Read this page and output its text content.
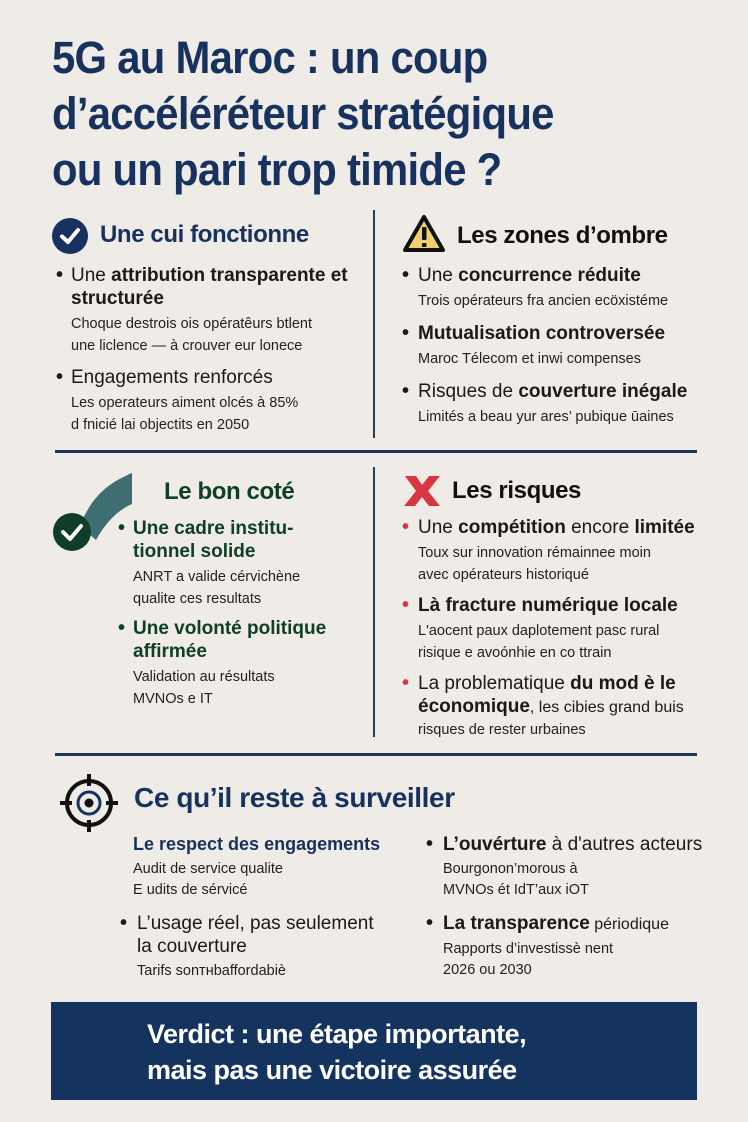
5G au Maroc : un coup
d’accéléréteur stratégique
ou un pari trop timide ?
Une cui fonctionne
• Une attribution transparente et structurée
Choque destrois ois opératêurs btlent
une liclence — à crouver eur lonece
• Engagements renforcés
Les operateurs aiment olcés à 85%
d fnicié lai objectits en 2050
Les zones d’ombre
• Une concurrence réduite
Trois opérateurs fra ancien ecöxistéme
• Mutualisation controversée
Maroc Télecom et inwi compenses
• Risques de couverture inégale
Limités a beau yur ares’ pubique ūaines
Le bon coté
• Une cadre institu-
tionnel solide
ANRT a valide cérvichène
qualite ces resultats
• Une volonté politique
affirmée
Validation au résultats
MVNOs e IT
Les risques
• Une compétition encore limitée
Toux sur innovation rémainnee moin
avec opérateurs historiqué
• Là fracture numérique locale
L'aocent paux daplotement pasc rural
risique e avoónhie en co ttrain
• La problematique du mod è le
économique, les cibies grand buis
risques de rester urbaines
Ce qu’il reste à surveiller
Le respect des engagements
Audit de service qualite
E udits de sérvicé
• L’ouvérture à d'autres acteurs
Bourgonon’morous à
MVNOs ét IdT’aux iOT
• L’usage réel, pas seulement
la couverture
Tarifs sonтнbaffordabiè
• La transparence périodique
Rapports d’investissè nent
2026 ou 2030
Verdict : une étape importante,
mais pas une victoire assurée
